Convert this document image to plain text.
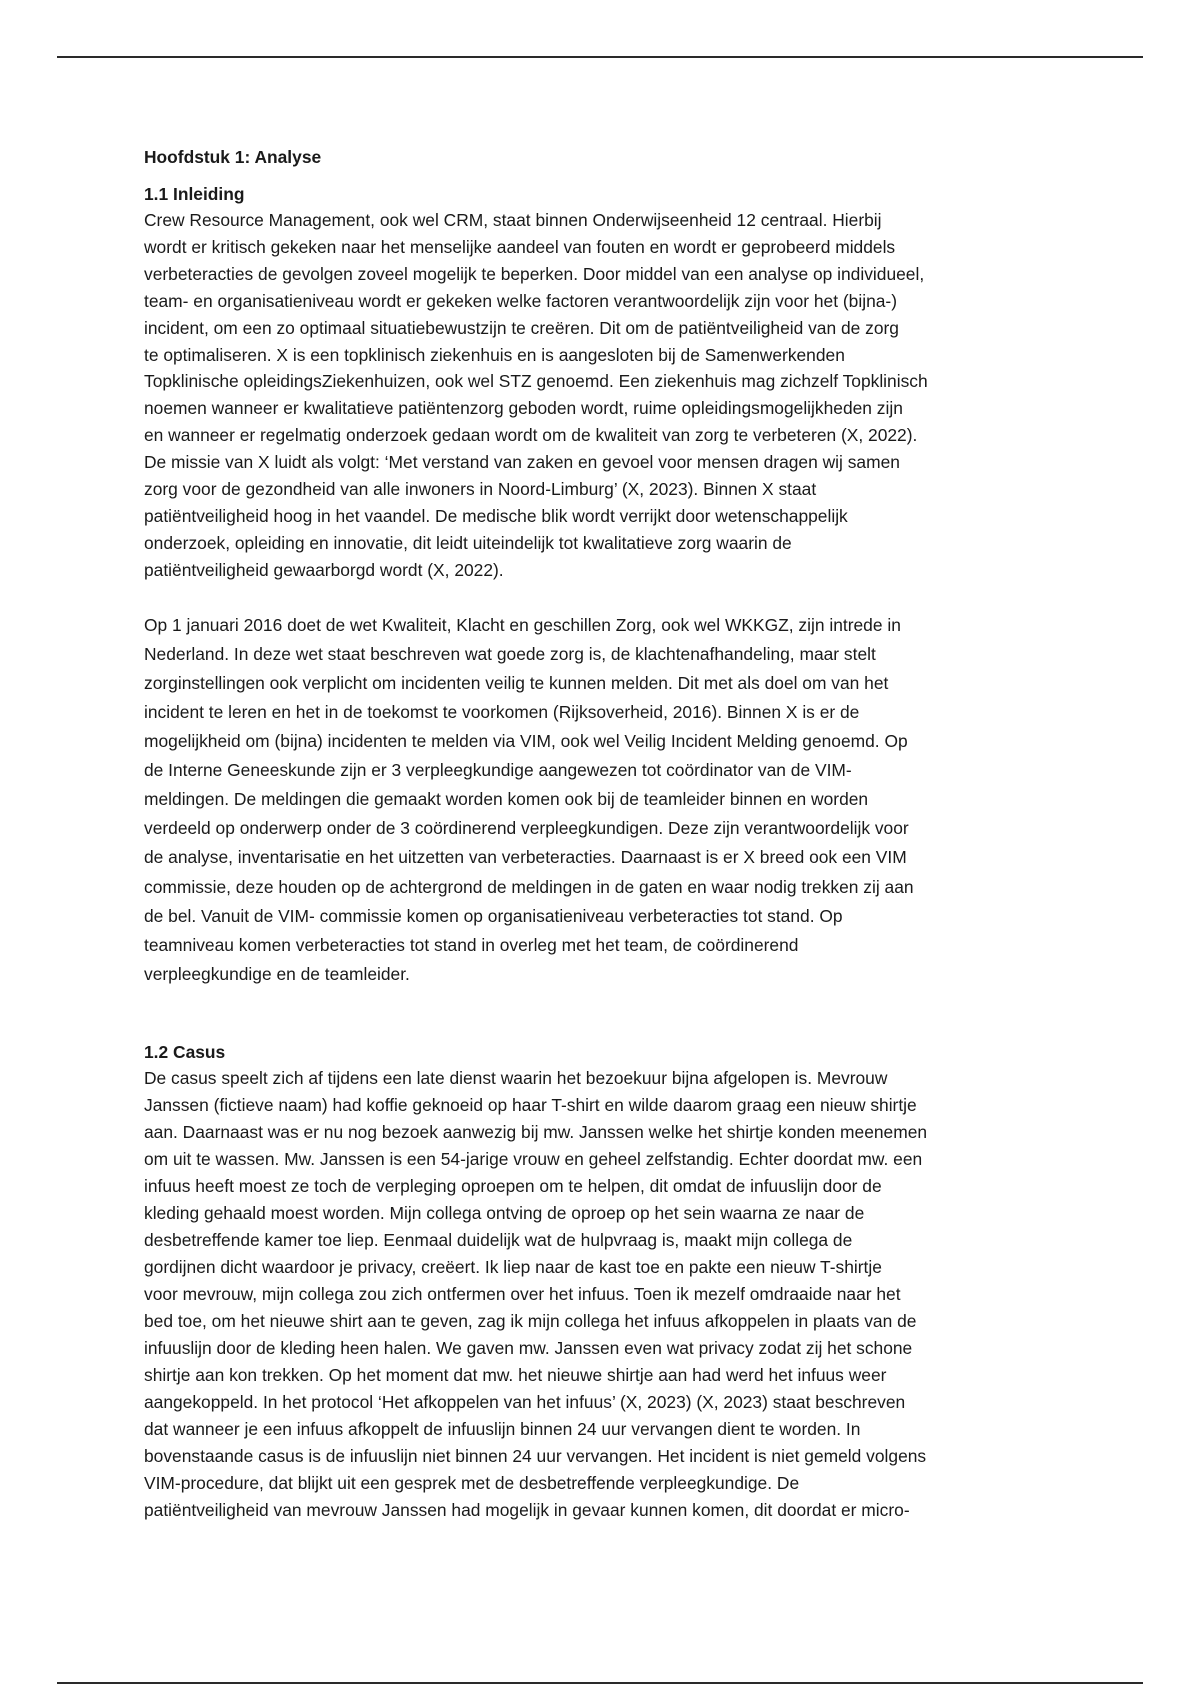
Hoofdstuk 1: Analyse
1.1 Inleiding

Crew Resource Management, ook wel CRM, staat binnen Onderwijseenheid 12 centraal. Hierbij
wordt er kritisch gekeken naar het menselijke aandeel van fouten en wordt er geprobeerd middels
verbeteracties de gevolgen zoveel mogelijk te beperken. Door middel van een analyse op individueel,
team- en organisatieniveau wordt er gekeken welke factoren verantwoordelijk zijn voor het (bijna-)
incident, om een zo optimaal situatiebewustzijn te creëren. Dit om de patiëntveiligheid van de zorg
te optimaliseren. X is een topklinisch ziekenhuis en is aangesloten bij de Samenwerkenden
Topklinische opleidingsZiekenhuizen, ook wel STZ genoemd. Een ziekenhuis mag zichzelf Topklinisch
noemen wanneer er kwalitatieve patiëntenzorg geboden wordt, ruime opleidingsmogelijkheden zijn
en wanneer er regelmatig onderzoek gedaan wordt om de kwaliteit van zorg te verbeteren (X, 2022).
De missie van X luidt als volgt: ‘Met verstand van zaken en gevoel voor mensen dragen wij samen
zorg voor de gezondheid van alle inwoners in Noord-Limburg’ (X, 2023). Binnen X staat
patiëntveiligheid hoog in het vaandel. De medische blik wordt verrijkt door wetenschappelijk
onderzoek, opleiding en innovatie, dit leidt uiteindelijk tot kwalitatieve zorg waarin de
patiëntveiligheid gewaarborgd wordt (X, 2022).

Op 1 januari 2016 doet de wet Kwaliteit, Klacht en geschillen Zorg, ook wel WKKGZ, zijn intrede in
Nederland. In deze wet staat beschreven wat goede zorg is, de klachtenafhandeling, maar stelt
zorginstellingen ook verplicht om incidenten veilig te kunnen melden. Dit met als doel om van het
incident te leren en het in de toekomst te voorkomen (Rijksoverheid, 2016). Binnen X is er de
mogelijkheid om (bijna) incidenten te melden via VIM, ook wel Veilig Incident Melding genoemd. Op
de Interne Geneeskunde zijn er 3 verpleegkundige aangewezen tot coördinator van de VIM-
meldingen. De meldingen die gemaakt worden komen ook bij de teamleider binnen en worden
verdeeld op onderwerp onder de 3 coördinerend verpleegkundigen. Deze zijn verantwoordelijk voor
de analyse, inventarisatie en het uitzetten van verbeteracties. Daarnaast is er X breed ook een VIM
commissie, deze houden op de achtergrond de meldingen in de gaten en waar nodig trekken zij aan
de bel. Vanuit de VIM- commissie komen op organisatieniveau verbeteracties tot stand. Op
teamniveau komen verbeteracties tot stand in overleg met het team, de coördinerend
verpleegkundige en de teamleider.

1.2 Casus

De casus speelt zich af tijdens een late dienst waarin het bezoekuur bijna afgelopen is. Mevrouw
Janssen (fictieve naam) had koffie geknoeid op haar T-shirt en wilde daarom graag een nieuw shirtje
aan. Daarnaast was er nu nog bezoek aanwezig bij mw. Janssen welke het shirtje konden meenemen
om uit te wassen. Mw. Janssen is een 54-jarige vrouw en geheel zelfstandig. Echter doordat mw. een
infuus heeft moest ze toch de verpleging oproepen om te helpen, dit omdat de infuuslijn door de
kleding gehaald moest worden. Mijn collega ontving de oproep op het sein waarna ze naar de
desbetreffende kamer toe liep. Eenmaal duidelijk wat de hulpvraag is, maakt mijn collega de
gordijnen dicht waardoor je privacy, creëert. Ik liep naar de kast toe en pakte een nieuw T-shirtje
voor mevrouw, mijn collega zou zich ontfermen over het infuus. Toen ik mezelf omdraaide naar het
bed toe, om het nieuwe shirt aan te geven, zag ik mijn collega het infuus afkoppelen in plaats van de
infuuslijn door de kleding heen halen. We gaven mw. Janssen even wat privacy zodat zij het schone
shirtje aan kon trekken. Op het moment dat mw. het nieuwe shirtje aan had werd het infuus weer
aangekoppeld. In het protocol ‘Het afkoppelen van het infuus’ (X, 2023) (X, 2023) staat beschreven
dat wanneer je een infuus afkoppelt de infuuslijn binnen 24 uur vervangen dient te worden. In
bovenstaande casus is de infuuslijn niet binnen 24 uur vervangen. Het incident is niet gemeld volgens
VIM-procedure, dat blijkt uit een gesprek met de desbetreffende verpleegkundige. De
patiëntveiligheid van mevrouw Janssen had mogelijk in gevaar kunnen komen, dit doordat er micro-
